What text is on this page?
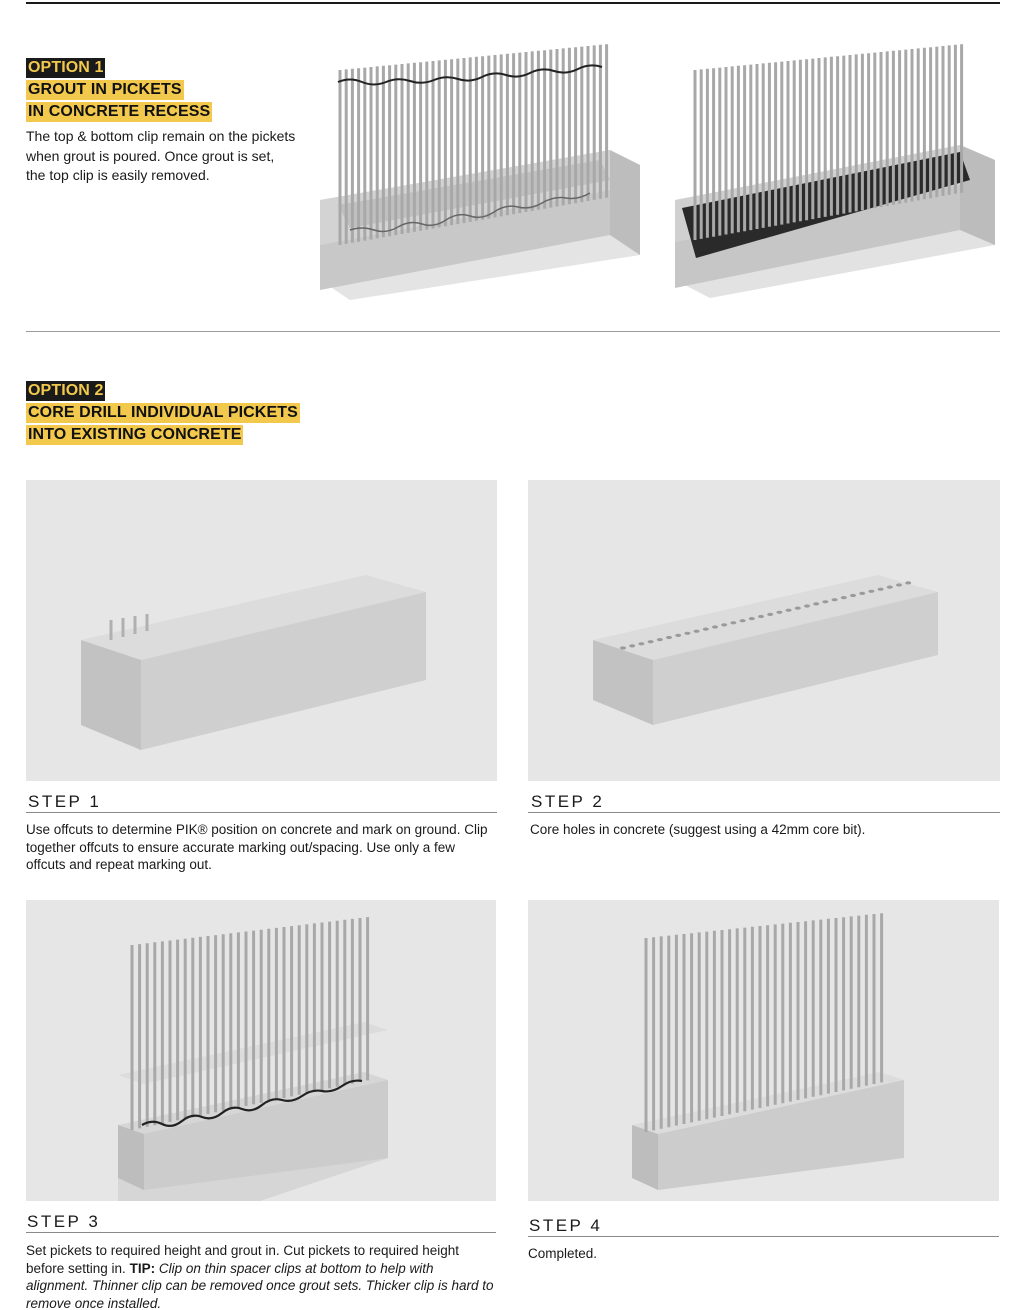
OPTION 1
GROUT IN PICKETS
IN CONCRETE RECESS
The top & bottom clip remain on the pickets when grout is poured. Once grout is set, the top clip is easily removed.
OPTION 2
CORE DRILL INDIVIDUAL PICKETS
INTO EXISTING CONCRETE
STEP 1
Use offcuts to determine PIK® position on concrete and mark on ground. Clip together offcuts to ensure accurate marking out/spacing. Use only a few offcuts and repeat marking out.
STEP 2
Core holes in concrete (suggest using a 42mm core bit).
STEP 3
Set pickets to required height and grout in. Cut pickets to required height before setting in. TIP: Clip on thin spacer clips at bottom to help with alignment. Thinner clip can be removed once grout sets. Thicker clip is hard to remove once installed.
STEP 4
Completed.
